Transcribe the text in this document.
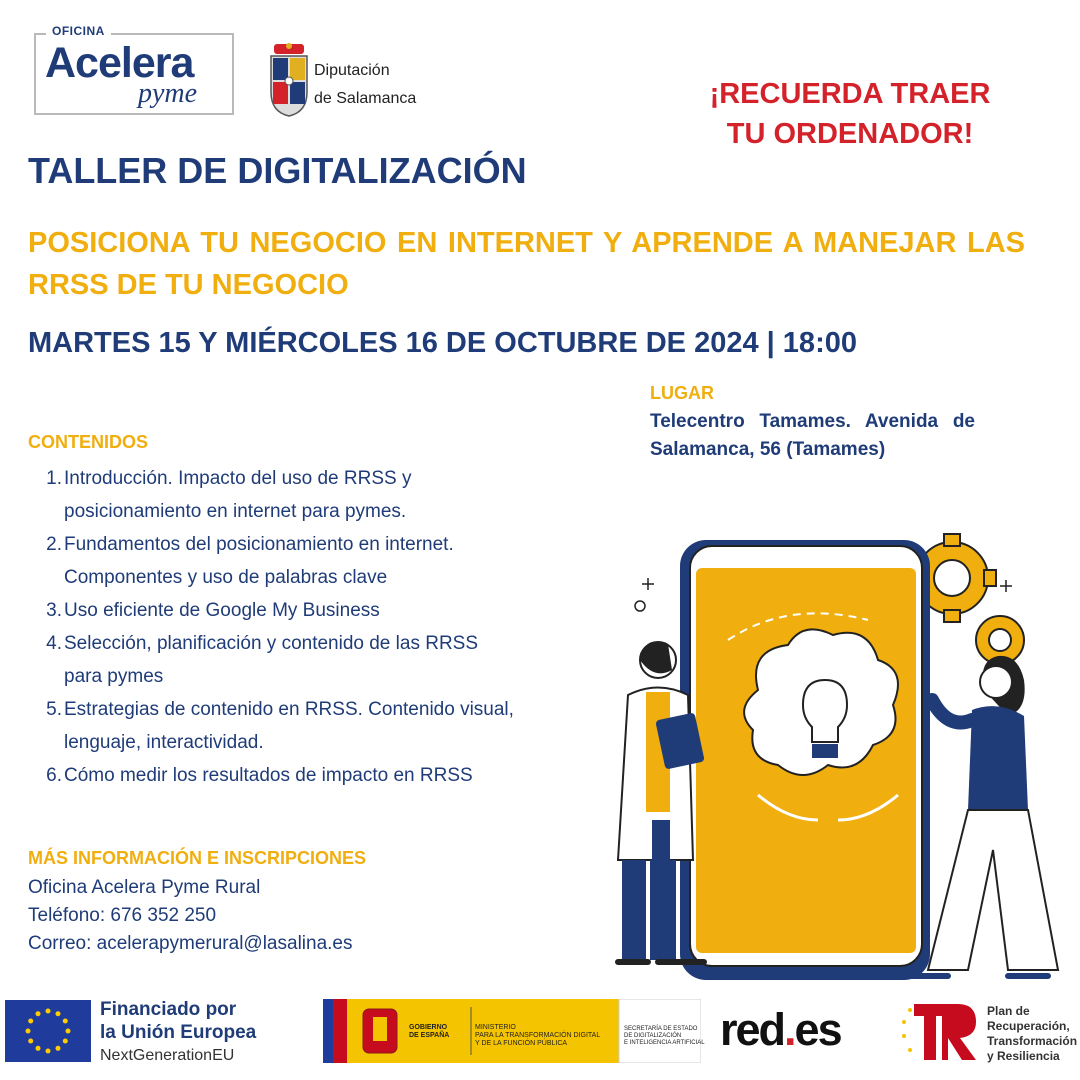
OFICINA
Acelera
pyme
Diputación
de Salamanca	¡RECUERDA TRAER
TU ORDENADOR!
TALLER DE DIGITALIZACIÓN
POSICIONA TU NEGOCIO EN INTERNET Y APRENDE A MANEJAR LAS RRSS DE TU NEGOCIO
MARTES 15 Y MIÉRCOLES 16 DE OCTUBRE DE 2024 | 18:00
LUGAR
Telecentro Tamames. Avenida de Salamanca, 56 (Tamames)
CONTENIDOS
1. Introducción. Impacto del uso de RRSS y
posicionamiento en internet para pymes.
2. Fundamentos del posicionamiento en internet.
Componentes y uso de palabras clave
3. Uso eficiente de Google My Business
4. Selección, planificación y contenido de las RRSS
para pymes
5. Estrategias de contenido en RRSS. Contenido visual,
lenguaje, interactividad.
6. Cómo medir los resultados de impacto en RRSS
MÁS INFORMACIÓN E INSCRIPCIONES
Oficina Acelera Pyme Rural
Teléfono: 676 352 250
Correo: acelerapymerural@lasalina.es
Financiado por
la Unión Europea
NextGenerationEU
GOBIERNO
DE ESPAÑA
MINISTERIO
PARA LA TRANSFORMACIÓN DIGITAL
Y DE LA FUNCIÓN PÚBLICA
SECRETARÍA DE ESTADO
DE DIGITALIZACIÓN
E INTELIGENCIA ARTIFICIAL red.es	Plan de
Recuperación,
Transformación
y Resiliencia
